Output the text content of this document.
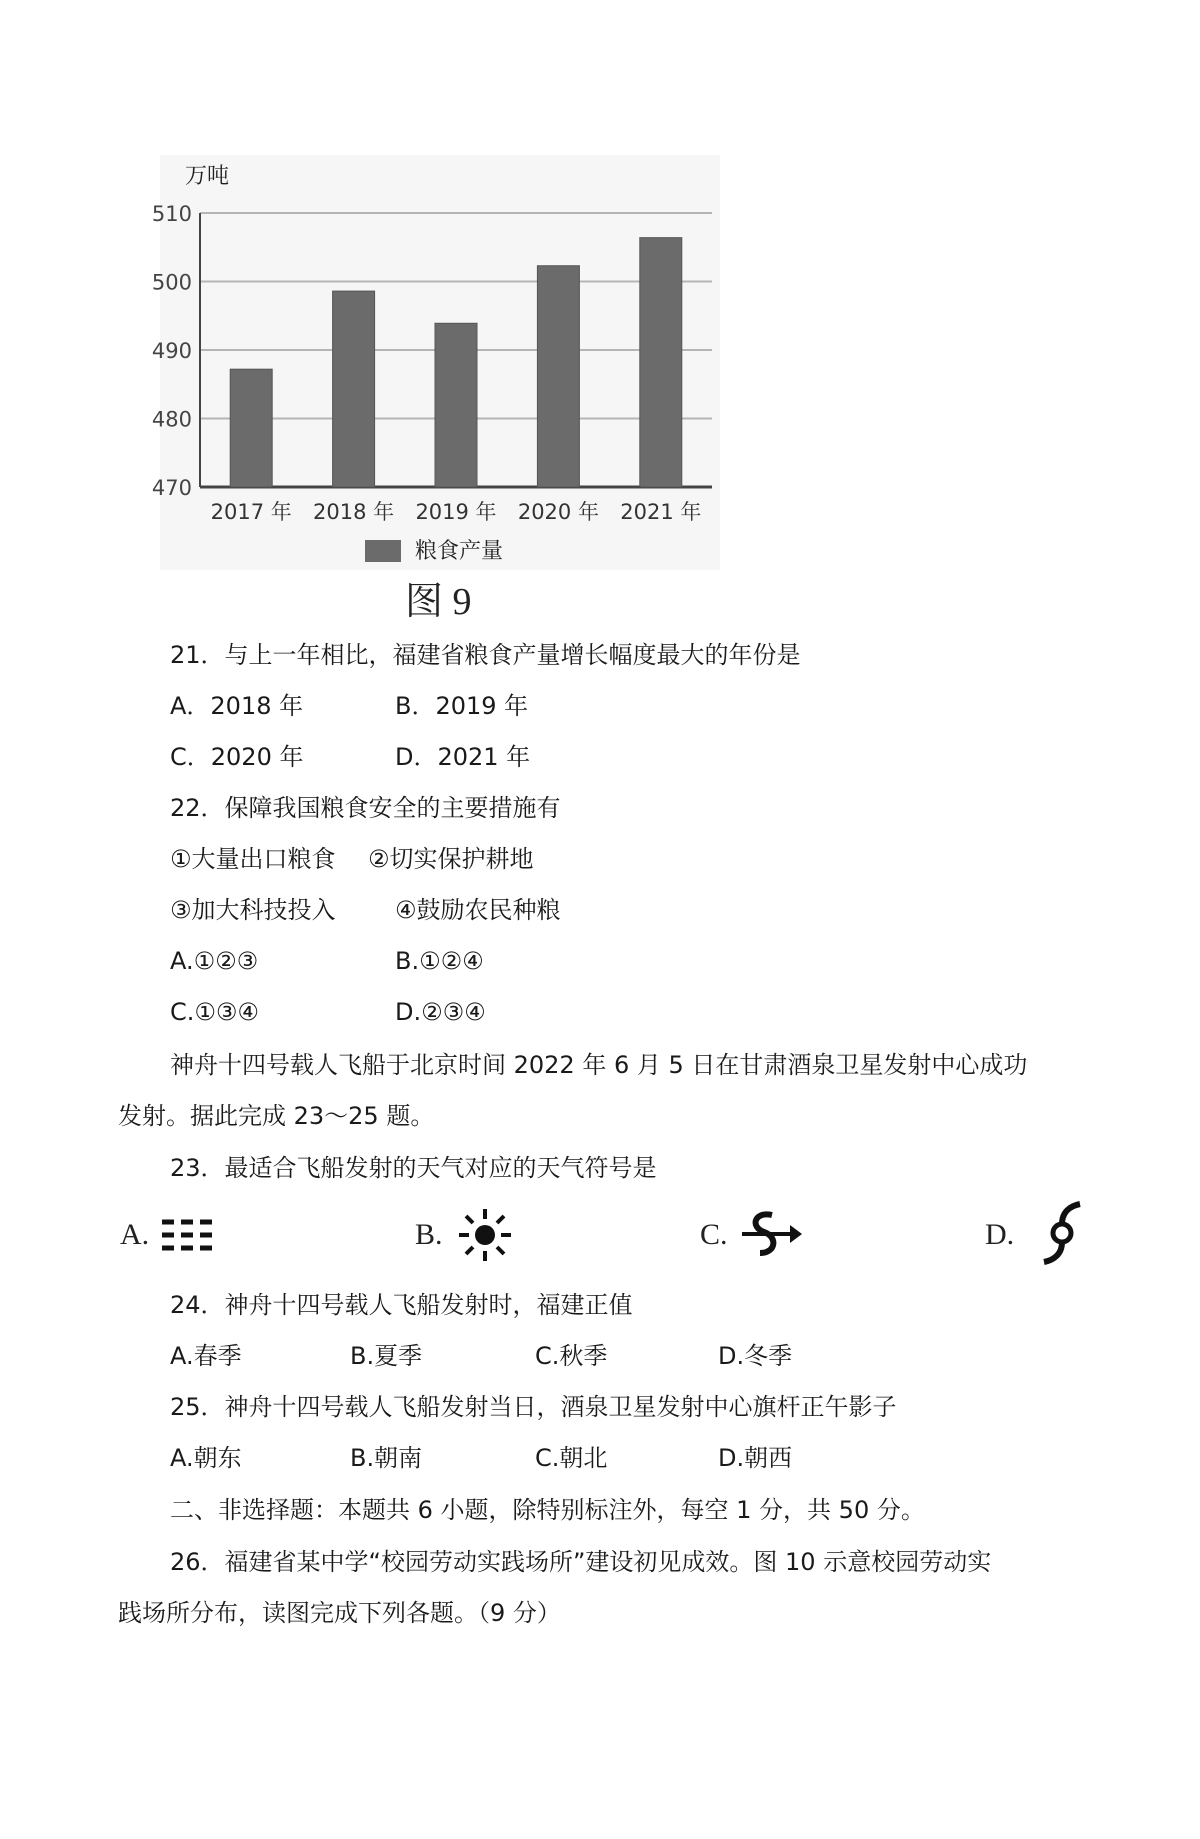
万吨
470
480
490
500
510
2017 年 2018 年 2019 年 2020 年 2021 年
粮食产量
图 9
21．与上一年相比，福建省粮食产量增长幅度最大的年份是
A．2018 年	B．2019 年
C．2020 年	D．2021 年
22．保障我国粮食安全的主要措施有
①大量出口粮食 ②切实保护耕地
③加大科技投入 ④鼓励农民种粮
A.①②③	B.①②④
C.①③④	D.②③④
神舟十四号载人飞船于北京时间 2022 年 6 月 5 日在甘肃酒泉卫星发射中心成功
发射。据此完成 23～25 题。
23．最适合飞船发射的天气对应的天气符号是
A.	B.	C.	D.
24．神舟十四号载人飞船发射时，福建正值
A.春季	B.夏季	C.秋季	D.冬季
25．神舟十四号载人飞船发射当日，酒泉卫星发射中心旗杆正午影子
A.朝东	B.朝南	C.朝北	D.朝西
二、非选择题：本题共 6 小题，除特别标注外，每空 1 分，共 50 分。
26．福建省某中学“校园劳动实践场所”建设初见成效。图 10 示意校园劳动实
践场所分布，读图完成下列各题。（9 分）
